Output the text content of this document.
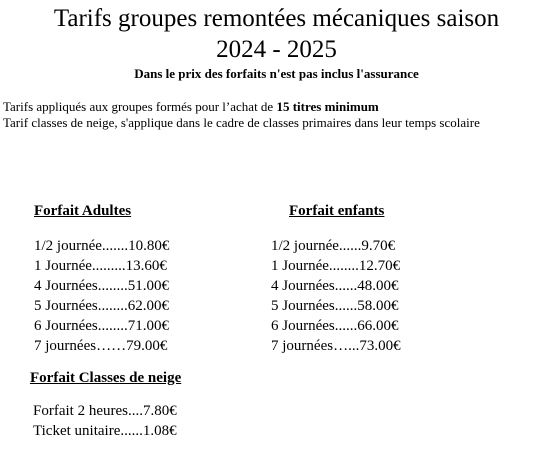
Tarifs groupes remontées mécaniques saison
2024 - 2025
Dans le prix des forfaits n'est pas inclus l'assurance

Tarifs appliqués aux groupes formés pour l’achat de 15 titres minimum

Tarif classes de neige, s'applique dans le cadre de classes primaires dans leur temps scolaire

Forfait Adultes
1/2 journée.......10.80€
1 Journée.........13.60€
4 Journées........51.00€
5 Journées........62.00€
6 Journées........71.00€
7 journées……79.00€
Forfait enfants
1/2 journée......9.70€
1 Journée........12.70€
4 Journées......48.00€
5 Journées......58.00€
6 Journées......66.00€
7 journées…...73.00€
Forfait Classes de neige
Forfait 2 heures....7.80€
Ticket unitaire......1.08€
